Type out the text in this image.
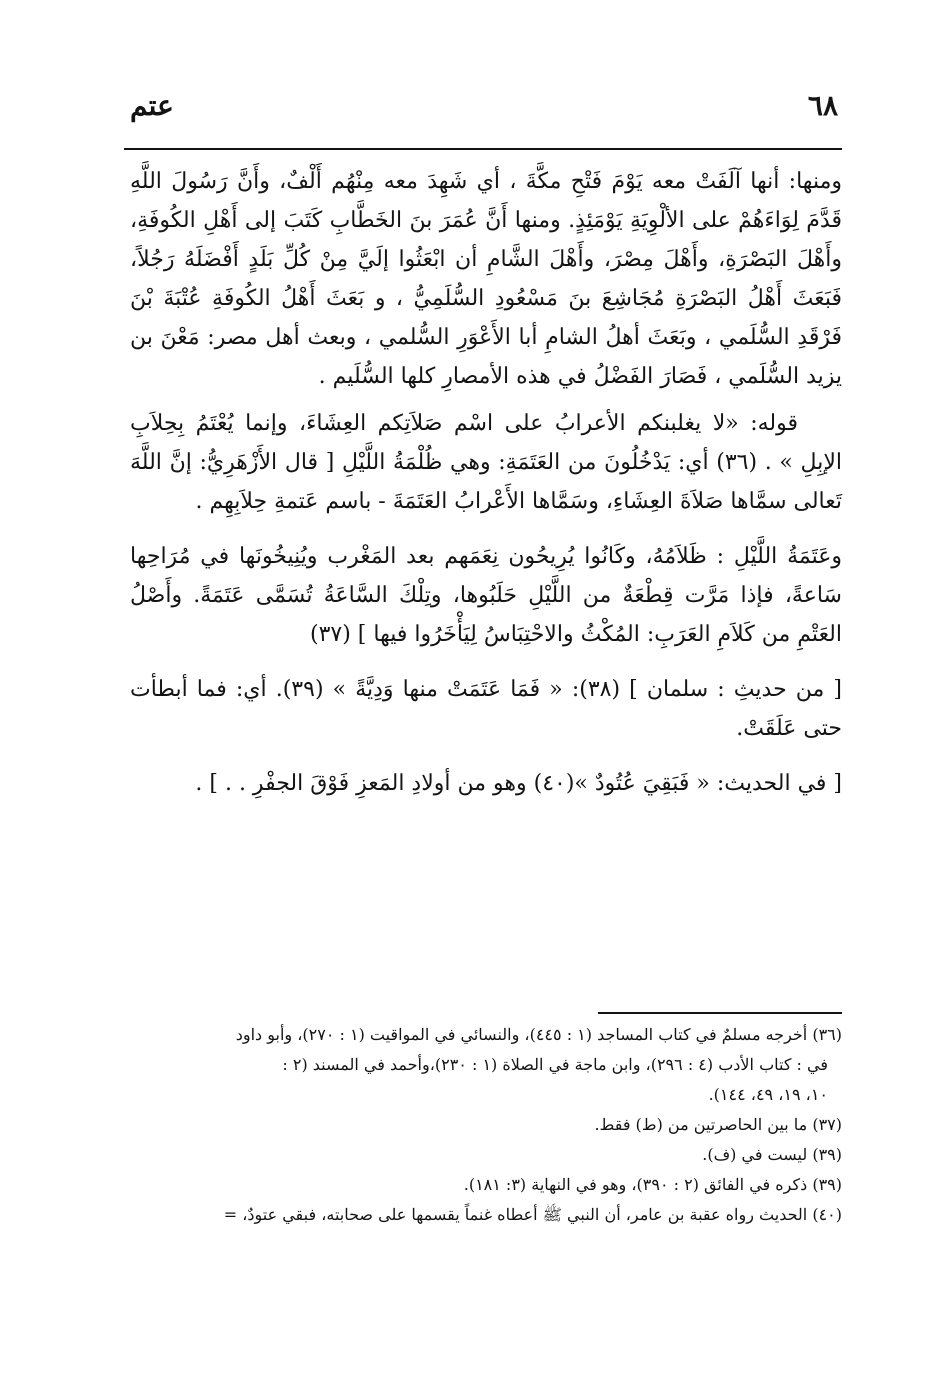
٦٨
عتم

ومنها: أنها آلَفَتْ معه يَوْمَ فَتْحِ مكَّةَ ، أي شَهِدَ معه مِنْهُم أَلْفٌ، وأَنَّ رَسُولَ اللَّهِ قَدَّمَ لِوَاءَهُمْ على الألْوِيَةِ يَوْمَئِذٍ. ومنها أَنَّ عُمَرَ بنَ الخَطَّابِ كَتَبَ إلى أَهْلِ الكُوفَةِ، وأَهْلَ البَصْرَةِ، وأَهْلَ مِصْرَ، وأَهْلَ الشَّامِ أن ابْعَثُوا إلَيَّ مِنْ كُلِّ بَلَدٍ أَفْضَلَهُ رَجُلاً، فَبَعَثَ أَهْلُ البَصْرَةِ مُجَاشِعَ بنَ مَسْعُودِ السُّلَمِيُّ ، و بَعَثَ أَهْلُ الكُوفَةِ عُتْبَةَ بْنَ فَرْقَدِ السُّلَمي ، وبَعَثَ أهلُ الشامِ أبا الأَعْوَرِ السُّلمي ، وبعث أهل مصر: مَعْنَ بن يزيد السُّلَمي ، فَصَارَ الفَضْلُ في هذه الأمصارِ كلها السُّلَيم .

قوله: «لا يغلبنكم الأعرابُ على اسْم صَلاَتِكم العِشَاءَ، وإنما يُعْتَمُ بِحِلاَبِ الإبِلِ » . (٣٦) أي: يَدْخُلُونَ من العَتَمَةِ: وهي ظُلْمَةُ اللَّيْلِ [ قال الأَزْهَرِيُّ: إنَّ اللَّهَ تَعالى سمَّاها صَلاَةَ العِشَاءِ، وسَمَّاها الأَعْرابُ العَتَمَةَ - باسم عَتمةِ حِلاَبِهِم .

وعَتَمَةُ اللَّيْلِ : ظَلاَمُهُ، وكَانُوا يُرِيحُون نِعَمَهم بعد المَغْرب ويُنِيخُونَها في مُرَاحِها سَاعةً، فإذا مَرَّت قِطْعَةٌ من اللَّيْلِ حَلَبُوها، وتِلْكَ السَّاعَةُ تُسَمَّى عَتَمَةً. وأَصْلُ العَتْمِ من كَلاَمِ العَرَبِ: المُكْثُ والاحْتِبَاسُ لِيَأْخَرُوا فيها ] (٣٧)

[ من حديثِ : سلمان ] (٣٨): « فَمَا عَتَمَتْ منها وَدِيَّةً » (٣٩). أي: فما أبطأت حتى عَلَقَتْ.

[ في الحديث: « فَبَقِيَ عُتُودٌ »(٤٠) وهو من أولادِ المَعزِ فَوْقَ الجفْرِ . . ] .

(٣٦) أخرجه مسلمٌ في كتاب المساجد (١ : ٤٤٥)، والنسائي في المواقيت (١ : ٢٧٠)، وأبو داود

في : كتاب الأدب (٤ : ٢٩٦)، وابن ماجة في الصلاة (١ : ٢٣٠)،وأحمد في المسند (٢ :

١٠، ١٩، ٤٩، ١٤٤).

(٣٧) ما بين الحاصرتين من (ط) فقط.

(٣٩) ليست في (ف).

(٣٩) ذكره في الفائق (٢ : ٣٩٠)، وهو في النهاية (٣: ١٨١).

(٤٠) الحديث رواه عقبة بن عامر، أن النبي ﷺ أعطاه غنماً يقسمها على صحابته، فبقي عتودٌ، =
